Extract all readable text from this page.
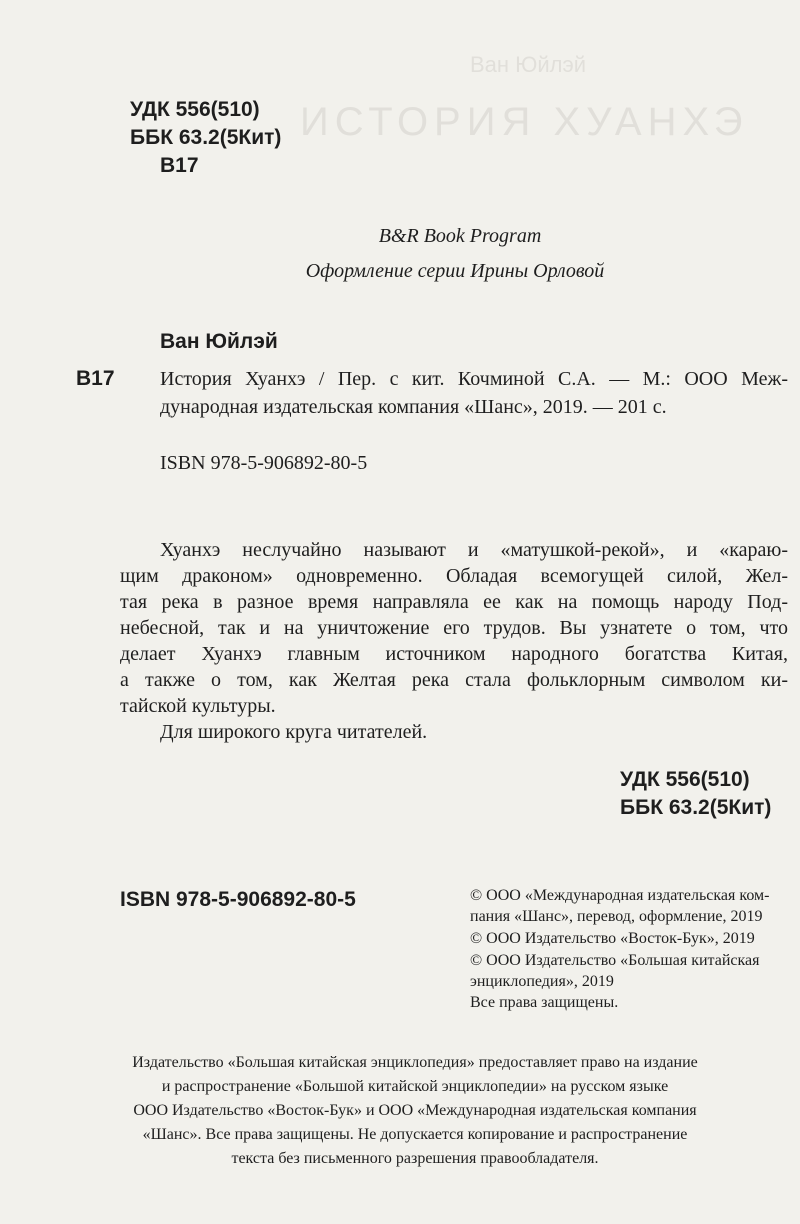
Ван Юйлэй
ИСТОРИЯ ХУАНХЭ
УДК 556(510)
ББК 63.2(5Кит)
В17
B&R Book Program
Оформление серии Ирины Орловой
Ван Юйлэй
В17 История Хуанхэ / Пер. с кит. Кочминой С.А. — М.: ООО Меж-
дународная издательская компания «Шанс», 2019. — 201 с.
ISBN 978-5-906892-80-5
Хуанхэ неслучайно называют и «матушкой-рекой», и «караю-
щим драконом» одновременно. Обладая всемогущей силой, Жел-
тая река в разное время направляла ее как на помощь народу Под-
небесной, так и на уничтожение его трудов. Вы узнатете о том, что
делает Хуанхэ главным источником народного богатства Китая,
а также о том, как Желтая река стала фольклорным символом ки-
тайской культуры.
Для широкого круга читателей.
УДК 556(510)
ББК 63.2(5Кит)
ISBN 978-5-906892-80-5	© ООО «Международная издательская ком-
пания «Шанс», перевод, оформление, 2019
© ООО Издательство «Восток-Бук», 2019
© ООО Издательство «Большая китайская
энциклопедия», 2019
Все права защищены.
Издательство «Большая китайская энциклопедия» предоставляет право на издание
и распространение «Большой китайской энциклопедии» на русском языке
ООО Издательство «Восток-Бук» и ООО «Международная издательская компания
«Шанс». Все права защищены. Не допускается копирование и распространение
текста без письменного разрешения правообладателя.
